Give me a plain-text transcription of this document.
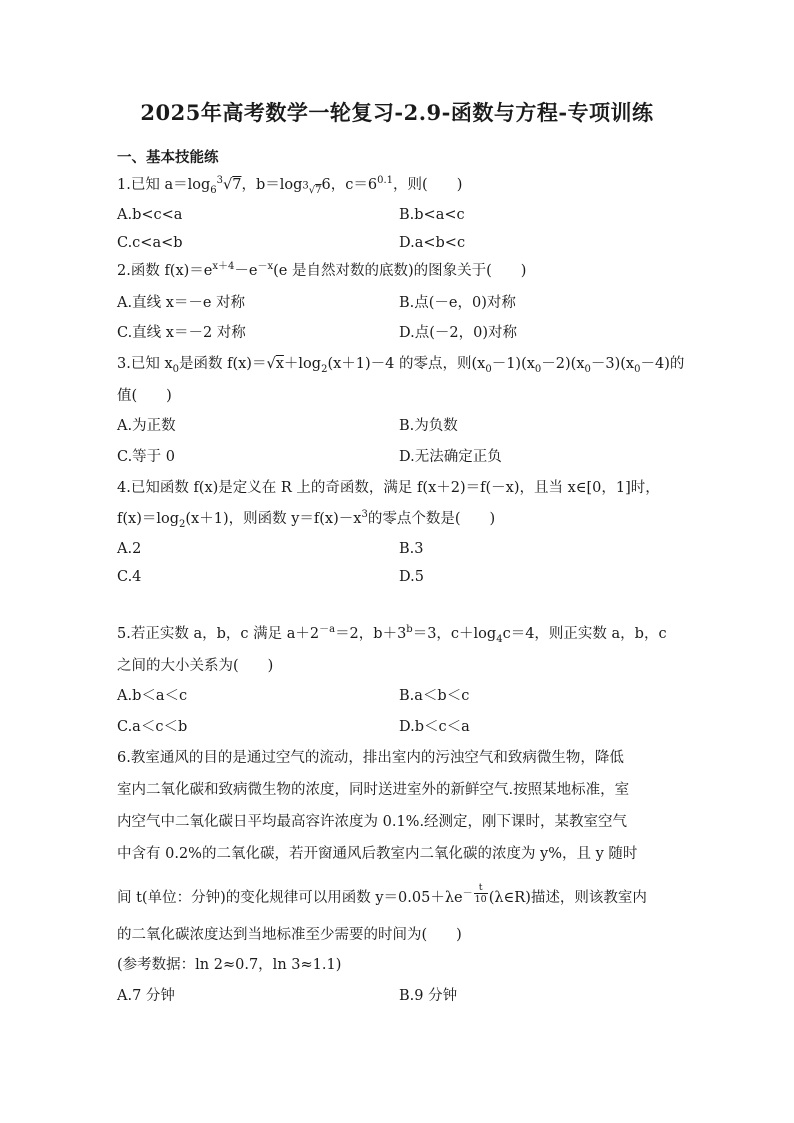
2025年高考数学一轮复习-2.9-函数与方程-专项训练
一、基本技能练
1.已知 $a=\log_6^3√7$，$b=\log_{^3√7}6$，$c=6^{0.1}$，则(　　)
A.b<c<a	B.b<a<c
C.c<a<b	D.a<b<c
2.函数 $f(x)=e^{x+4}-e^{-x}(e$ 是自然对数的底数)的图象关于(　　)
A.直线 x＝－e 对称	B.点(－e，0)对称
C.直线 x＝－2 对称	D.点(－2，0)对称
3.已知 $x_0$是函数 $f(x)=√x+\log_2(x+1)-4$ 的零点，则$(x_0-1)(x_0-2)(x_0-3)(x_0-4)$的
值(　　)
A.为正数	B.为负数
C.等于 0	D.无法确定正负
4.已知函数 f(x)是定义在 R 上的奇函数，满足 f(x＋2)＝f(－x)，且当 x∈[0，1]时，
$f(x)=\log_2(x+1)$，则函数 $y=f(x)-x^3$的零点个数是(　　)
A.2	B.3
C.4	D.5
5.若正实数 a，b，c 满足 $a+2^{-a}=2$，$b+3^b=3$，$c+\log_4c=4$，则正实数 a，b，c
之间的大小关系为(　　)
A.b＜a＜c	B.a＜b＜c
C.a＜c＜b	D.b＜c＜a
6.教室通风的目的是通过空气的流动，排出室内的污浊空气和致病微生物，降低
室内二氧化碳和致病微生物的浓度，同时送进室外的新鲜空气.按照某地标准，室
内空气中二氧化碳日平均最高容许浓度为 0.1%.经测定，刚下课时，某教室空气
中含有 0.2%的二氧化碳，若开窗通风后教室内二氧化碳的浓度为 y%，且 y 随时
间 t(单位：分钟)的变化规律可以用函数 $y=0.05+\lambda e^{- \frac{t}{10}}$ (λ∈R)描述，则该教室内
的二氧化碳浓度达到当地标准至少需要的时间为(　　)
(参考数据：ln 2≈0.7，ln 3≈1.1)
A.7 分钟	B.9 分钟
